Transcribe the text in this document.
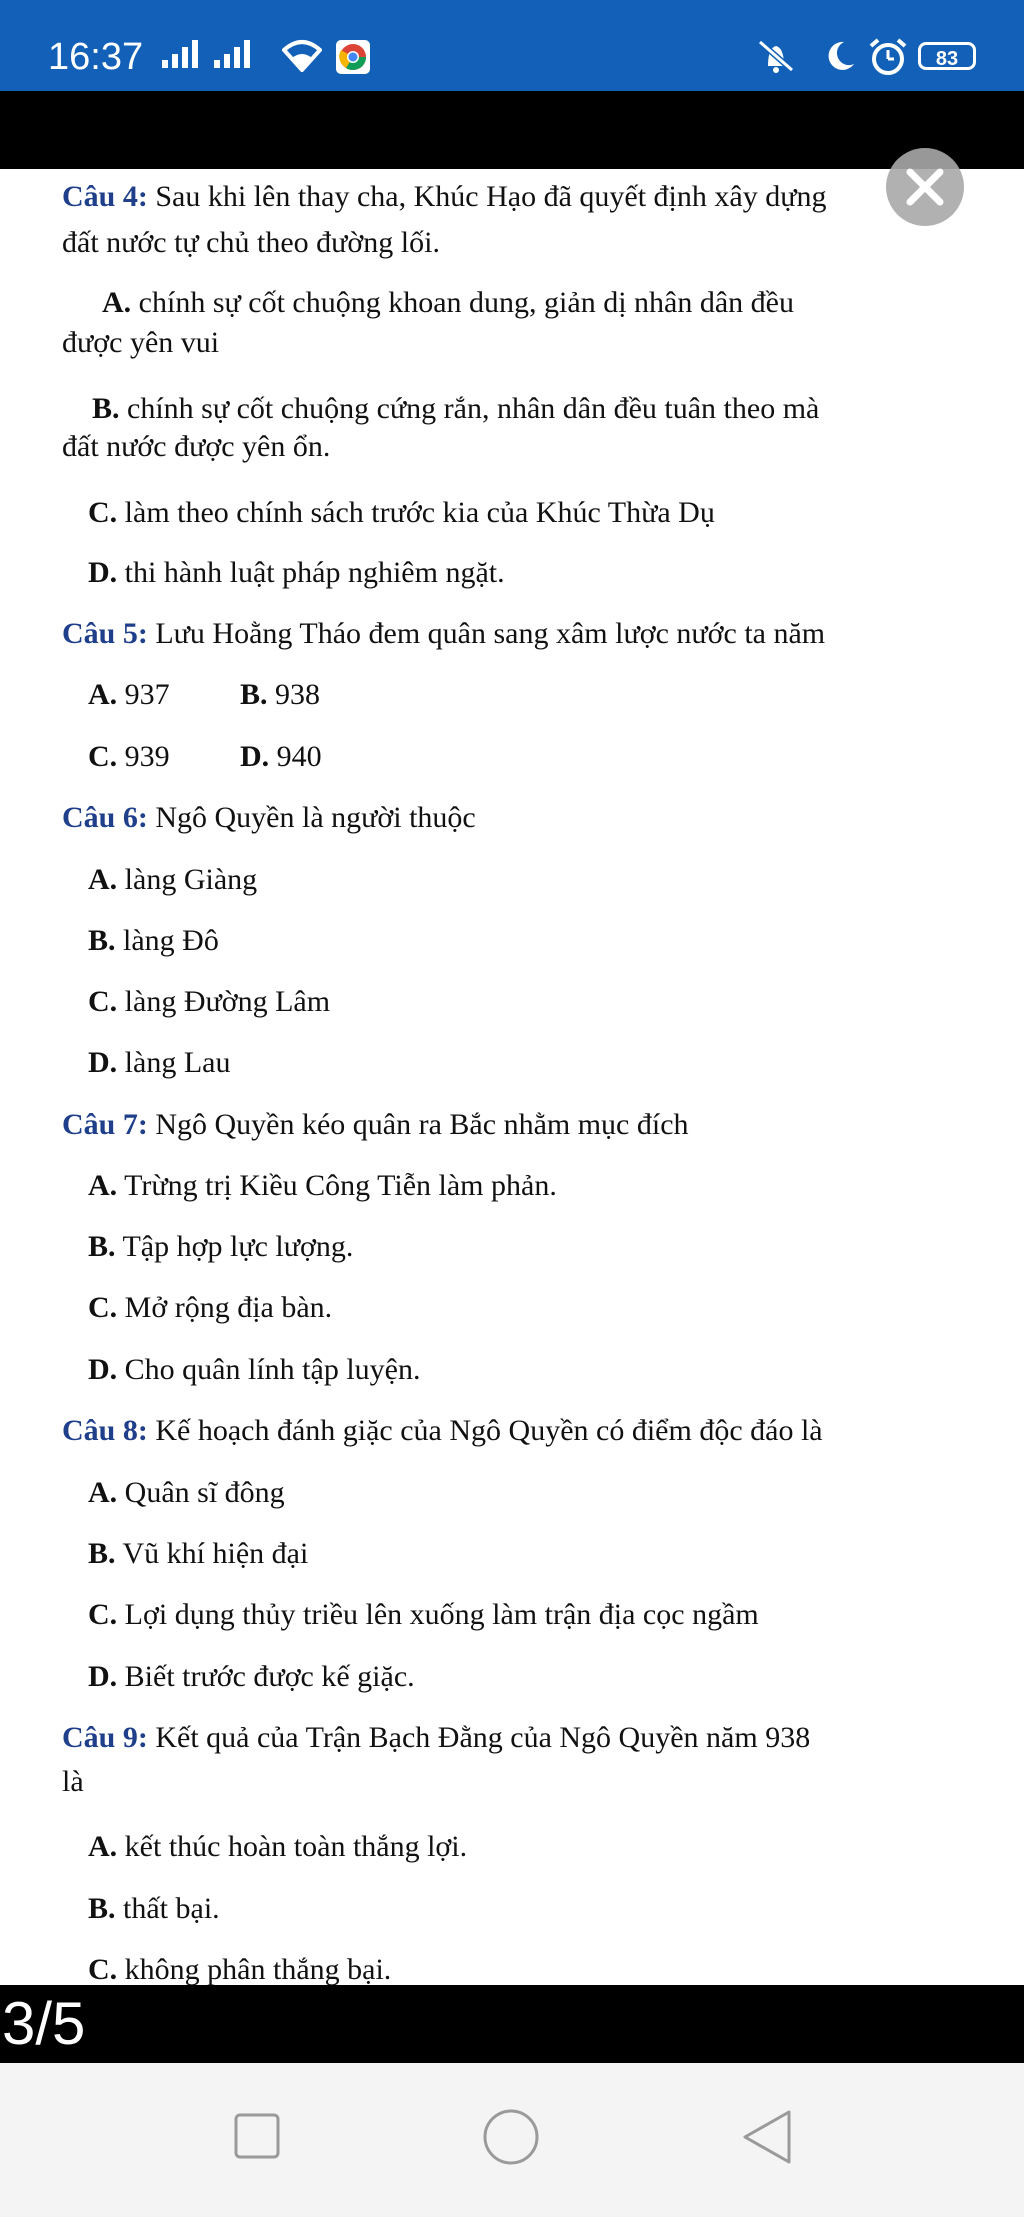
16:37	83
Câu 4: Sau khi lên thay cha, Khúc Hạo đã quyết định xây dựng
đất nước tự chủ theo đường lối.
A. chính sự cốt chuộng khoan dung, giản dị nhân dân đều
được yên vui
B. chính sự cốt chuộng cứng rắn, nhân dân đều tuân theo mà
đất nước được yên ổn.
C. làm theo chính sách trước kia của Khúc Thừa Dụ
D. thi hành luật pháp nghiêm ngặt.
Câu 5: Lưu Hoằng Tháo đem quân sang xâm lược nước ta năm
A. 937 B. 938
C. 939 D. 940
Câu 6: Ngô Quyền là người thuộc
A. làng Giàng
B. làng Đô
C. làng Đường Lâm
D. làng Lau
Câu 7: Ngô Quyền kéo quân ra Bắc nhằm mục đích
A. Trừng trị Kiều Công Tiễn làm phản.
B. Tập hợp lực lượng.
C. Mở rộng địa bàn.
D. Cho quân lính tập luyện.
Câu 8: Kế hoạch đánh giặc của Ngô Quyền có điểm độc đáo là
A. Quân sĩ đông
B. Vũ khí hiện đại
C. Lợi dụng thủy triều lên xuống làm trận địa cọc ngầm
D. Biết trước được kế giặc.
Câu 9: Kết quả của Trận Bạch Đằng của Ngô Quyền năm 938
là
A. kết thúc hoàn toàn thắng lợi.
B. thất bại.
C. không phân thắng bại.
3/5
